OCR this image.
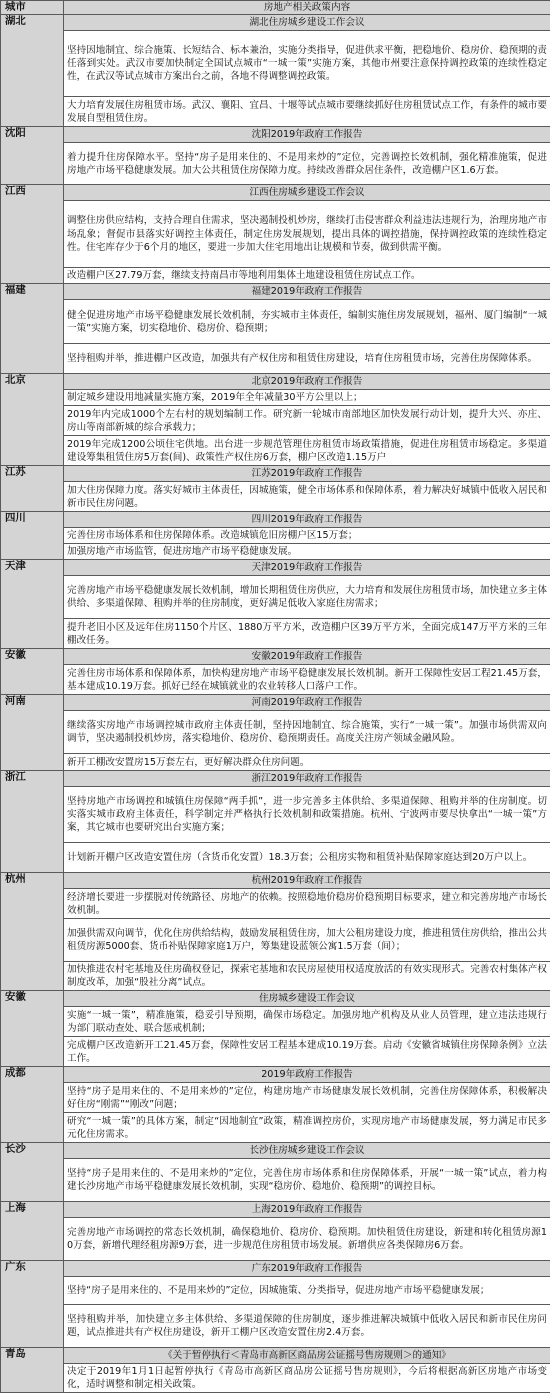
城市	房地产相关政策内容
湖北	湖北住房城乡建设工作会议
	坚持因地制宜、综合施策、长短结合、标本兼治，实施分类指导，促进供求平衡，把稳地价、稳房价、稳预期的责任落到实处。武汉市要加快制定全国试点城市“一城一策”实施方案，其他市州要注意保持调控政策的连续性稳定性，在武汉等试点城市方案出台之前，各地不得调整调控政策。
	大力培育发展住房租赁市场。武汉、襄阳、宜昌、十堰等试点城市要继续抓好住房租赁试点工作，有条件的城市要发展自型租赁住房。
沈阳	沈阳2019年政府工作报告
	着力提升住房保障水平。坚持“房子是用来住的、不是用来炒的”定位，完善调控长效机制，强化精准施策，促进房地产市场平稳健康发展。加大公共租赁住房保障力度。持续改善群众居住条件，改造棚户区1.6万套。
江西	江西住房城乡建设工作会议
	调整住房供应结构，支持合理自住需求，坚决遏制投机炒房，继续打击侵害群众利益违法违规行为，治理房地产市场乱象；督促市县落实好调控主体责任，制定住房发展规划，提出具体的调控措施，保持调控政策的连续性稳定性。住宅库存少于6个月的地区，要进一步加大住宅用地出让规模和节奏，做到供需平衡。
	改造棚户区27.79万套，继续支持南昌市等地利用集体土地建设租赁住房试点工作。
福建	福建2019年政府工作报告
	健全促进房地产市场平稳健康发展长效机制，夯实城市主体责任，编制实施住房发展规划，福州、厦门编制“一城一策”实施方案，切实稳地价、稳房价、稳预期；
	坚持租购并举，推进棚户区改造，加强共有产权住房和租赁住房建设，培育住房租赁市场，完善住房保障体系。
北京	北京2019年政府工作报告
	制定城乡建设用地减量实施方案，2019年全年减量30平方公里以上；
	2019年内完成1000个左右村的规划编制工作。研究新一轮城市南部地区加快发展行动计划，提升大兴、亦庄、房山等南部新城的综合承载力；
	2019年完成1200公顷住宅供地。出台进一步规范管理住房租赁市场政策措施，促进住房租赁市场稳定。多渠道建设筹集租赁住房5万套(间)、政策性产权住房6万套，棚户区改造1.15万户
江苏	江苏2019年政府工作报告
	加大住房保障力度。落实好城市主体责任，因城施策，健全市场体系和保障体系，着力解决好城镇中低收入居民和新市民住房问题。
四川	四川2019年政府工作报告
	完善住房市场体系和住房保障体系。改造城镇危旧房棚户区15万套；
	加强房地产市场监管，促进房地产市场平稳健康发展。
天津	天津2019年政府工作报告
	完善房地产市场平稳健康发展长效机制，增加长期租赁住房供应，大力培育和发展住房租赁市场，加快建立多主体供给、多渠道保障、租购并举的住房制度，更好满足低收入家庭住房需求；
	提升老旧小区及远年住房1150个片区、1880万平方米，改造棚户区39万平方米，全面完成147万平方米的三年棚改任务。
安徽	安徽2019年政府工作报告
	完善住房市场体系和保障体系，加快构建房地产市场平稳健康发展长效机制。新开工保障性安居工程21.45万套，基本建成10.19万套。抓好已经在城镇就业的农业转移人口落户工作。
河南	河南2019年政府工作报告
	继续落实房地产市场调控城市政府主体责任制，坚持因地制宜、综合施策，实行“一城一策”。加强市场供需双向调节，坚决遏制投机炒房，落实稳地价、稳房价、稳预期责任。高度关注房产领域金融风险。
	新开工棚改安置房15万套左右，更好解决群众住房问题。
浙江	浙江2019年政府工作报告
	坚持房地产市场调控和城镇住房保障“两手抓”，进一步完善多主体供给、多渠道保障、租购并举的住房制度。切实落实城市政府主体责任，科学制定并严格执行长效机制和政策措施。杭州、宁波两市要尽快拿出“一城一策”方案，其它城市也要研究出台实施方案；
	计划新开棚户区改造安置住房（含货币化安置）18.3万套；公租房实物和租赁补贴保障家庭达到20万户以上。
杭州	杭州2019年政府工作报告
	经济增长要进一步摆脱对传统路径、房地产的依赖。按照稳地价稳房价稳预期目标要求，建立和完善房地产市场长效机制。
	加强供需双向调节，优化住房供给结构，鼓励发展租赁住房，加大公租房建设力度，推进租赁住房供给，推出公共租赁房源5000套、货币补贴保障家庭1万户，筹集建设蓝领公寓1.5万套（间）；
	加快推进农村宅基地及住房确权登记，探索宅基地和农民房屋使用权适度放活的有效实现形式。完善农村集体产权制度改革，加强“股社分离”试点。
安徽	住房城乡建设工作会议
	实施“一城一策”，精准施策，稳妥引导预期，确保市场稳定。加强房地产机构及从业人员管理，建立违法违规行为部门联动查处、联合惩戒机制；
	完成棚户区改造新开工21.45万套，保障性安居工程基本建成10.19万套。启动《安徽省城镇住房保障条例》立法工作。
成都	2019年政府工作报告
	坚持“房子是用来住的、不是用来炒的”定位，构建房地产市场健康发展长效机制，完善住房保障体系，积极解决好住房“刚需”“刚改”问题；
	研究“一城一策”的具体方案，制定“因地制宜”政策，精准调控房价，实现房地产市场健康发展，努力满足市民多元化住房需求。
长沙	长沙住房城乡建设工作会议
	坚持“房子是用来住的、不是用来炒的”定位，完善住房市场体系和住房保障体系，开展“一城一策”试点，着力构建长沙房地产市场平稳健康发展长效机制，实现“稳房价、稳地价、稳预期”的调控目标。
上海	上海2019年政府工作报告
	完善房地产市场调控的常态长效机制，确保稳地价、稳房价、稳预期。加快租赁住房建设，新建和转化租赁房源10万套，新增代理经租房源9万套，进一步规范住房租赁市场发展。新增供应各类保障房6万套。
广东	广东2019年政府工作报告
	坚持“房子是用来住的、不是用来炒的”定位，因城施策、分类指导，促进房地产市场平稳健康发展；
	坚持租购并举，加快建立多主体供给、多渠道保障的住房制度，逐步推进解决城镇中低收入居民和新市民住房问题，试点推进共有产权住房建设，新开工棚户区改造安置住房2.4万套。
青岛	《关于暂停执行＜青岛市高新区商品房公证摇号售房规则＞的通知》
	决定于2019年1月1日起暂停执行《青岛市高新区商品房公证摇号售房规则》，今后将根据高新区房地产市场变化，适时调整和制定相关政策。
